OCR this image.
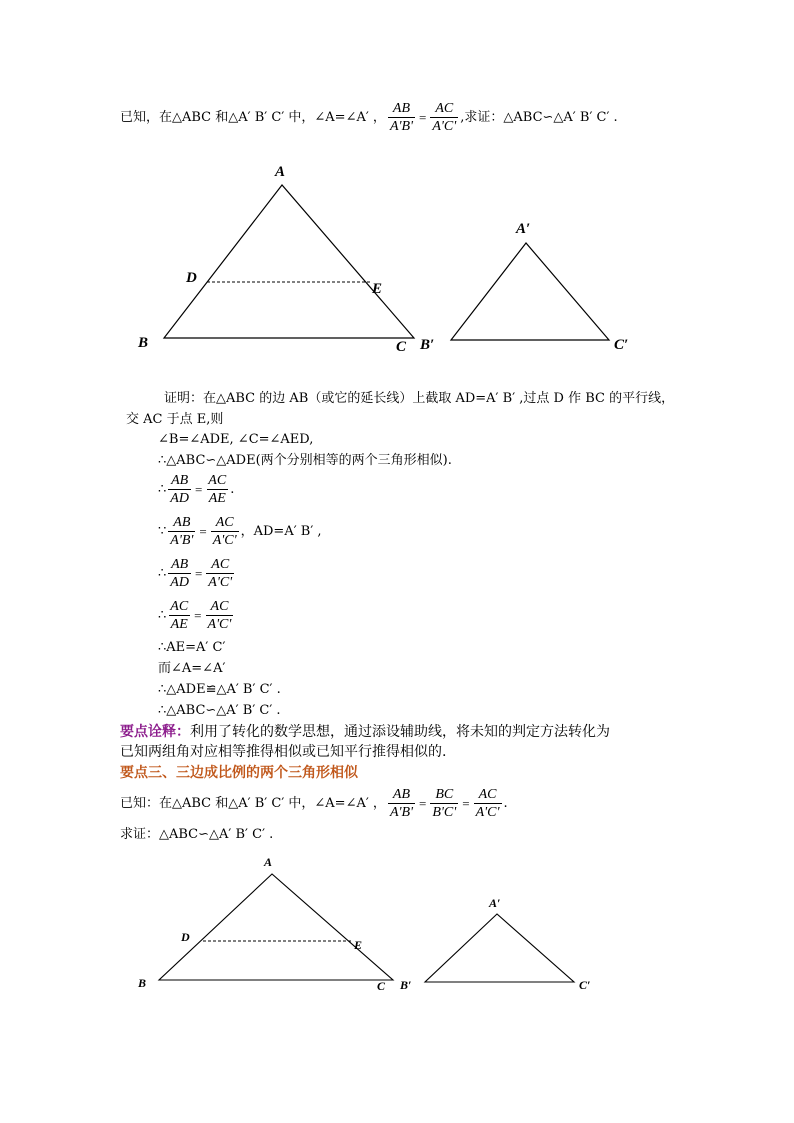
已知，在△ABC 和△A′ B′ C′ 中，∠A=∠A′ ， $\frac{AB}{A'B'} = \frac{AC}{A'C'}$ ,求证：△ABC∽△A′ B′ C′ .
A
B	C
D
E
A′
B′	C′
证明：在△ABC 的边 AB（或它的延长线）上截取 AD=A′ B′ ,过点 D 作 BC 的平行线，
交 AC 于点 E,则
∠B=∠ADE, ∠C=∠AED,
∴△ABC∽△ADE(两个分别相等的两个三角形相似).
∴ $\frac{AB}{AD} = \frac{AC}{AE}$ .
∵ $\frac{AB}{A'B'} = \frac{AC}{A'C'}$ ，AD=A′ B′ ,
∴ $\frac{AB}{AD} = \frac{AC}{A'C'}$
∴ $\frac{AC}{AE} = \frac{AC}{A'C'}$
∴AE=A′ C′
而∠A=∠A′
∴△ADE≌△A′ B′ C′ .
∴△ABC∽△A′ B′ C′ .
要点诠释： 利用了转化的数学思想，通过添设辅助线，将未知的判定方法转化为
已知两组角对应相等推得相似或已知平行推得相似的.
要点三、三边成比例的两个三角形相似
已知：在△ABC 和△A′ B′ C′ 中，∠A=∠A′ ， $\frac{AB}{A'B'} = \frac{BC}{B'C'} = \frac{AC}{A'C'}$ .
求证：△ABC∽△A′ B′ C′ .
A
B	C
D
E
A′
B′	C′
